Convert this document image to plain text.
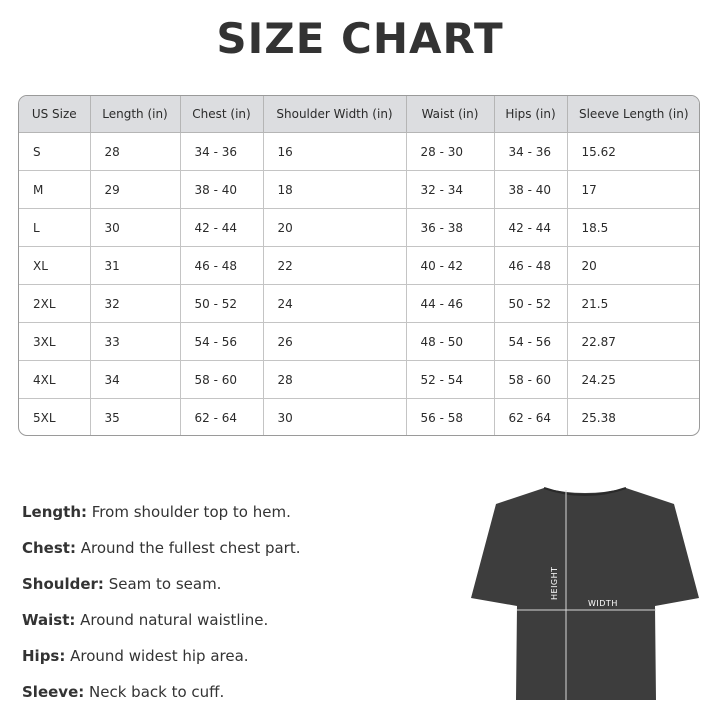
SIZE CHART
US Size	Length (in)	Chest (in)	Shoulder Width (in)	Waist (in)	Hips (in)	Sleeve Length (in)
S	28	34 - 36	16	28 - 30	34 - 36	15.62
M	29	38 - 40	18	32 - 34	38 - 40	17
L	30	42 - 44	20	36 - 38	42 - 44	18.5
XL	31	46 - 48	22	40 - 42	46 - 48	20
2XL	32	50 - 52	24	44 - 46	50 - 52	21.5
3XL	33	54 - 56	26	48 - 50	54 - 56	22.87
4XL	34	58 - 60	28	52 - 54	58 - 60	24.25
5XL	35	62 - 64	30	56 - 58	62 - 64	25.38
Length: From shoulder top to hem.
Chest: Around the fullest chest part.
Shoulder: Seam to seam.
Waist: Around natural waistline.
Hips: Around widest hip area.
Sleeve: Neck back to cuff.
HEIGHT
WIDTH
